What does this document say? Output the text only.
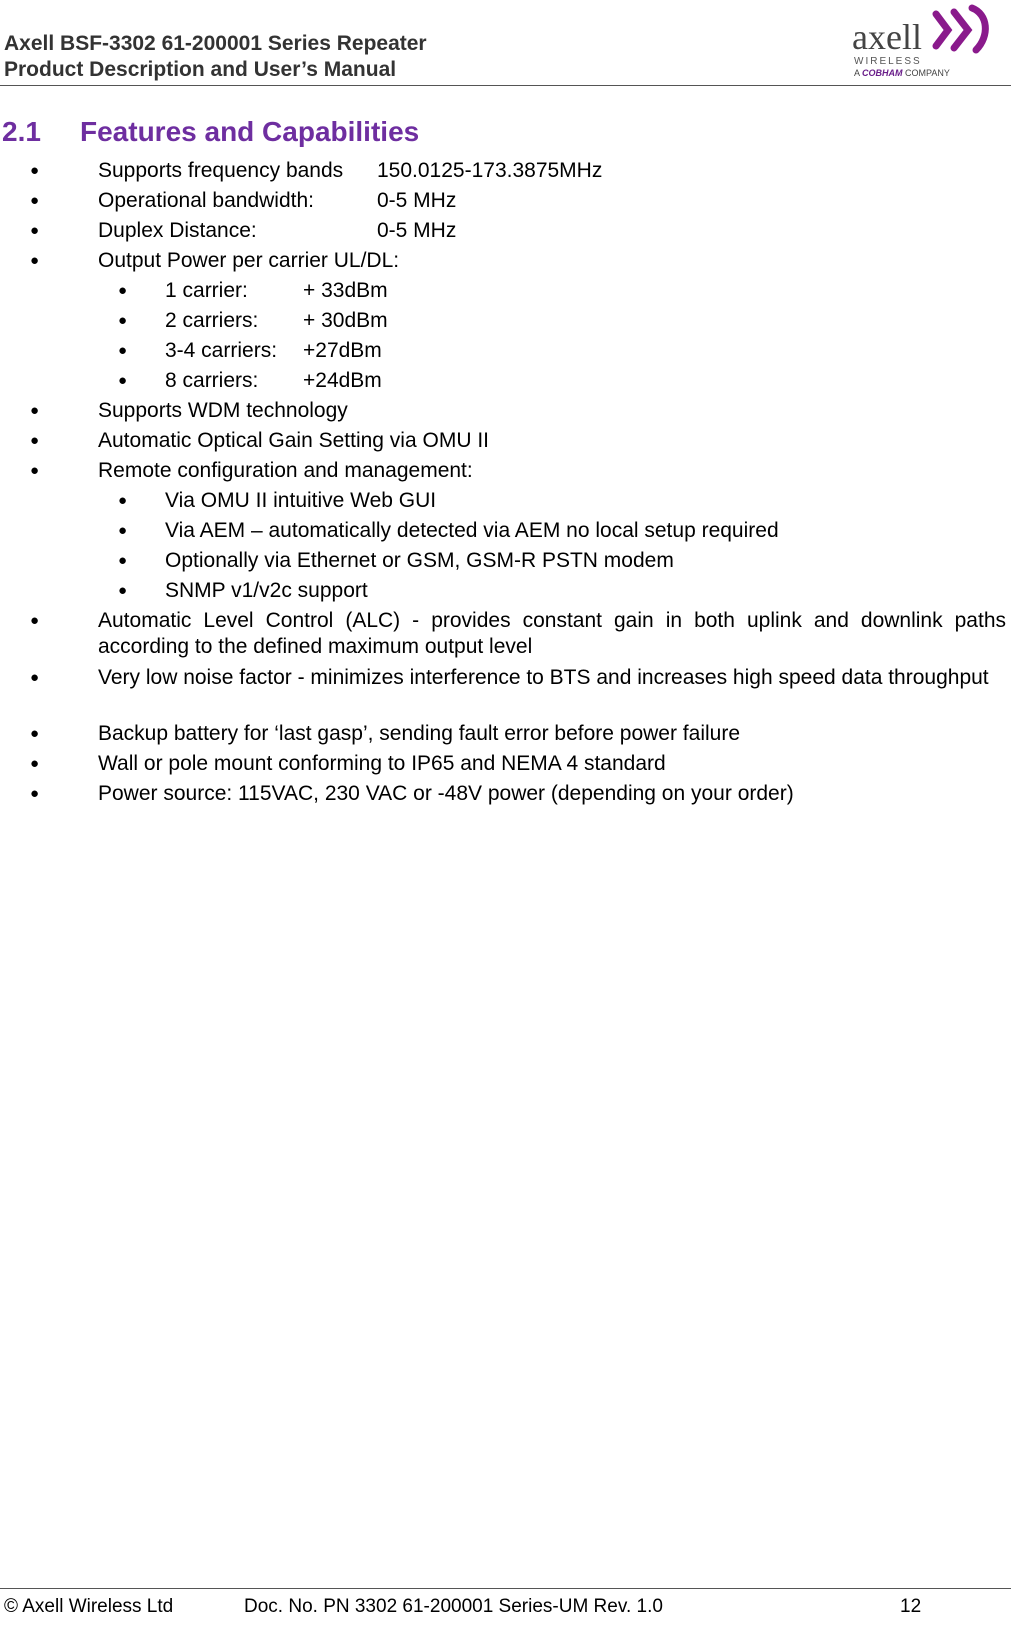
Axell BSF-3302 61-200001 Series Repeater
Product Description and User’s Manual
axell
WIRELESS
A COBHAM COMPANY
2.1 Features and Capabilities
●	Supports frequency bands 150.0125-173.3875MHz
●	Operational bandwidth:	0-5 MHz
●	Duplex Distance:	0-5 MHz
●	Output Power per carrier UL/DL:
● 1 carrier:	+ 33dBm
● 2 carriers: + 30dBm
● 3-4 carriers: +27dBm
● 8 carriers: +24dBm
●	Supports WDM technology
●	Automatic Optical Gain Setting via OMU II
●	Remote configuration and management:
● Via OMU II intuitive Web GUI
● Via AEM – automatically detected via AEM no local setup required
● Optionally via Ethernet or GSM, GSM-R PSTN modem
● SNMP v1/v2c support
●	Automatic Level Control (ALC) - provides constant gain in both uplink and downlink paths according to the defined maximum output level
●	Very low noise factor - minimizes interference to BTS and increases high speed data throughput
●	Backup battery for ‘last gasp’, sending fault error before power failure
●	Wall or pole mount conforming to IP65 and NEMA 4 standard
●	Power source: 115VAC, 230 VAC or -48V power (depending on your order)
© Axell Wireless Ltd	Doc. No. PN 3302 61-200001 Series-UM Rev. 1.0	12
